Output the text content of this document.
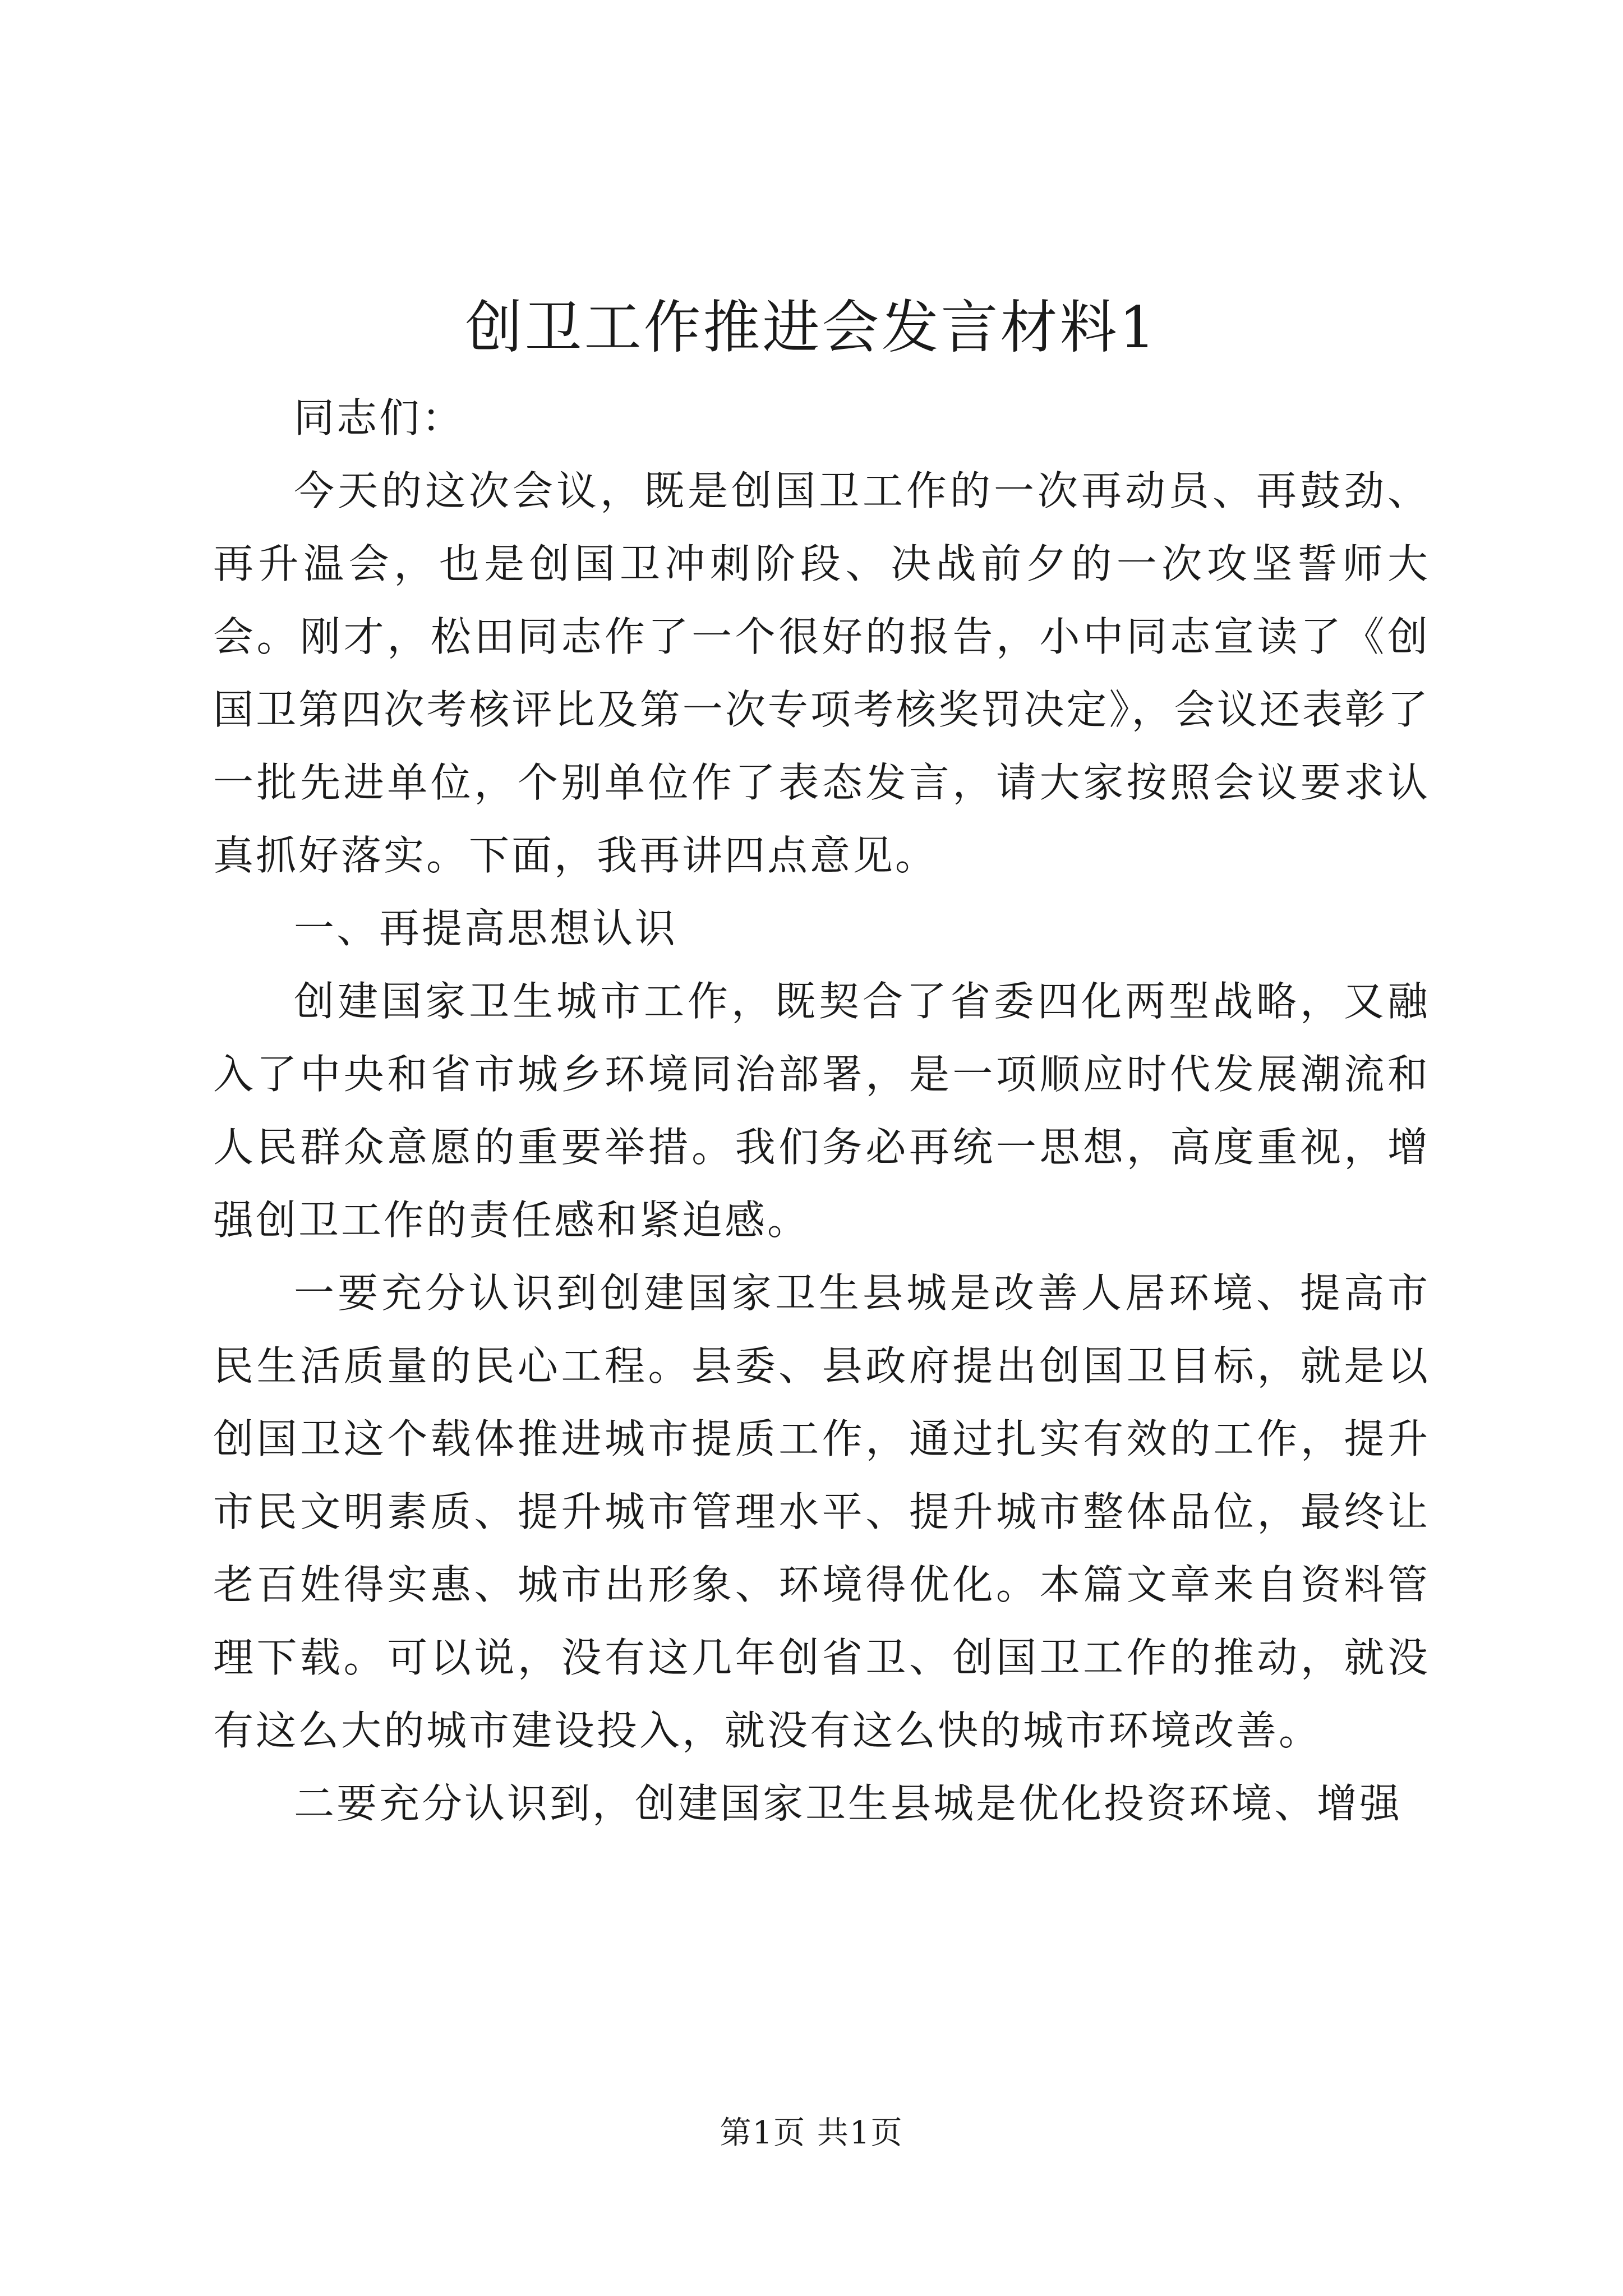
创卫工作推进会发言材料1

同志们：

今天的这次会议，既是创国卫工作的一次再动员、再鼓劲、再升温会，也是创国卫冲刺阶段、决战前夕的一次攻坚誓师大会。刚才，松田同志作了一个很好的报告，小中同志宣读了《创国卫第四次考核评比及第一次专项考核奖罚决定》，会议还表彰了一批先进单位，个别单位作了表态发言，请大家按照会议要求认真抓好落实。下面，我再讲四点意见。

一、再提高思想认识

创建国家卫生城市工作，既契合了省委四化两型战略，又融入了中央和省市城乡环境同治部署，是一项顺应时代发展潮流和人民群众意愿的重要举措。我们务必再统一思想，高度重视，增强创卫工作的责任感和紧迫感。

一要充分认识到创建国家卫生县城是改善人居环境、提高市民生活质量的民心工程。县委、县政府提出创国卫目标，就是以创国卫这个载体推进城市提质工作，通过扎实有效的工作，提升市民文明素质、提升城市管理水平、提升城市整体品位，最终让老百姓得实惠、城市出形象、环境得优化。本篇文章来自资料管理下载。可以说，没有这几年创省卫、创国卫工作的推动，就没有这么大的城市建设投入，就没有这么快的城市环境改善。

二要充分认识到，创建国家卫生县城是优化投资环境、增强

第1页 共1页
